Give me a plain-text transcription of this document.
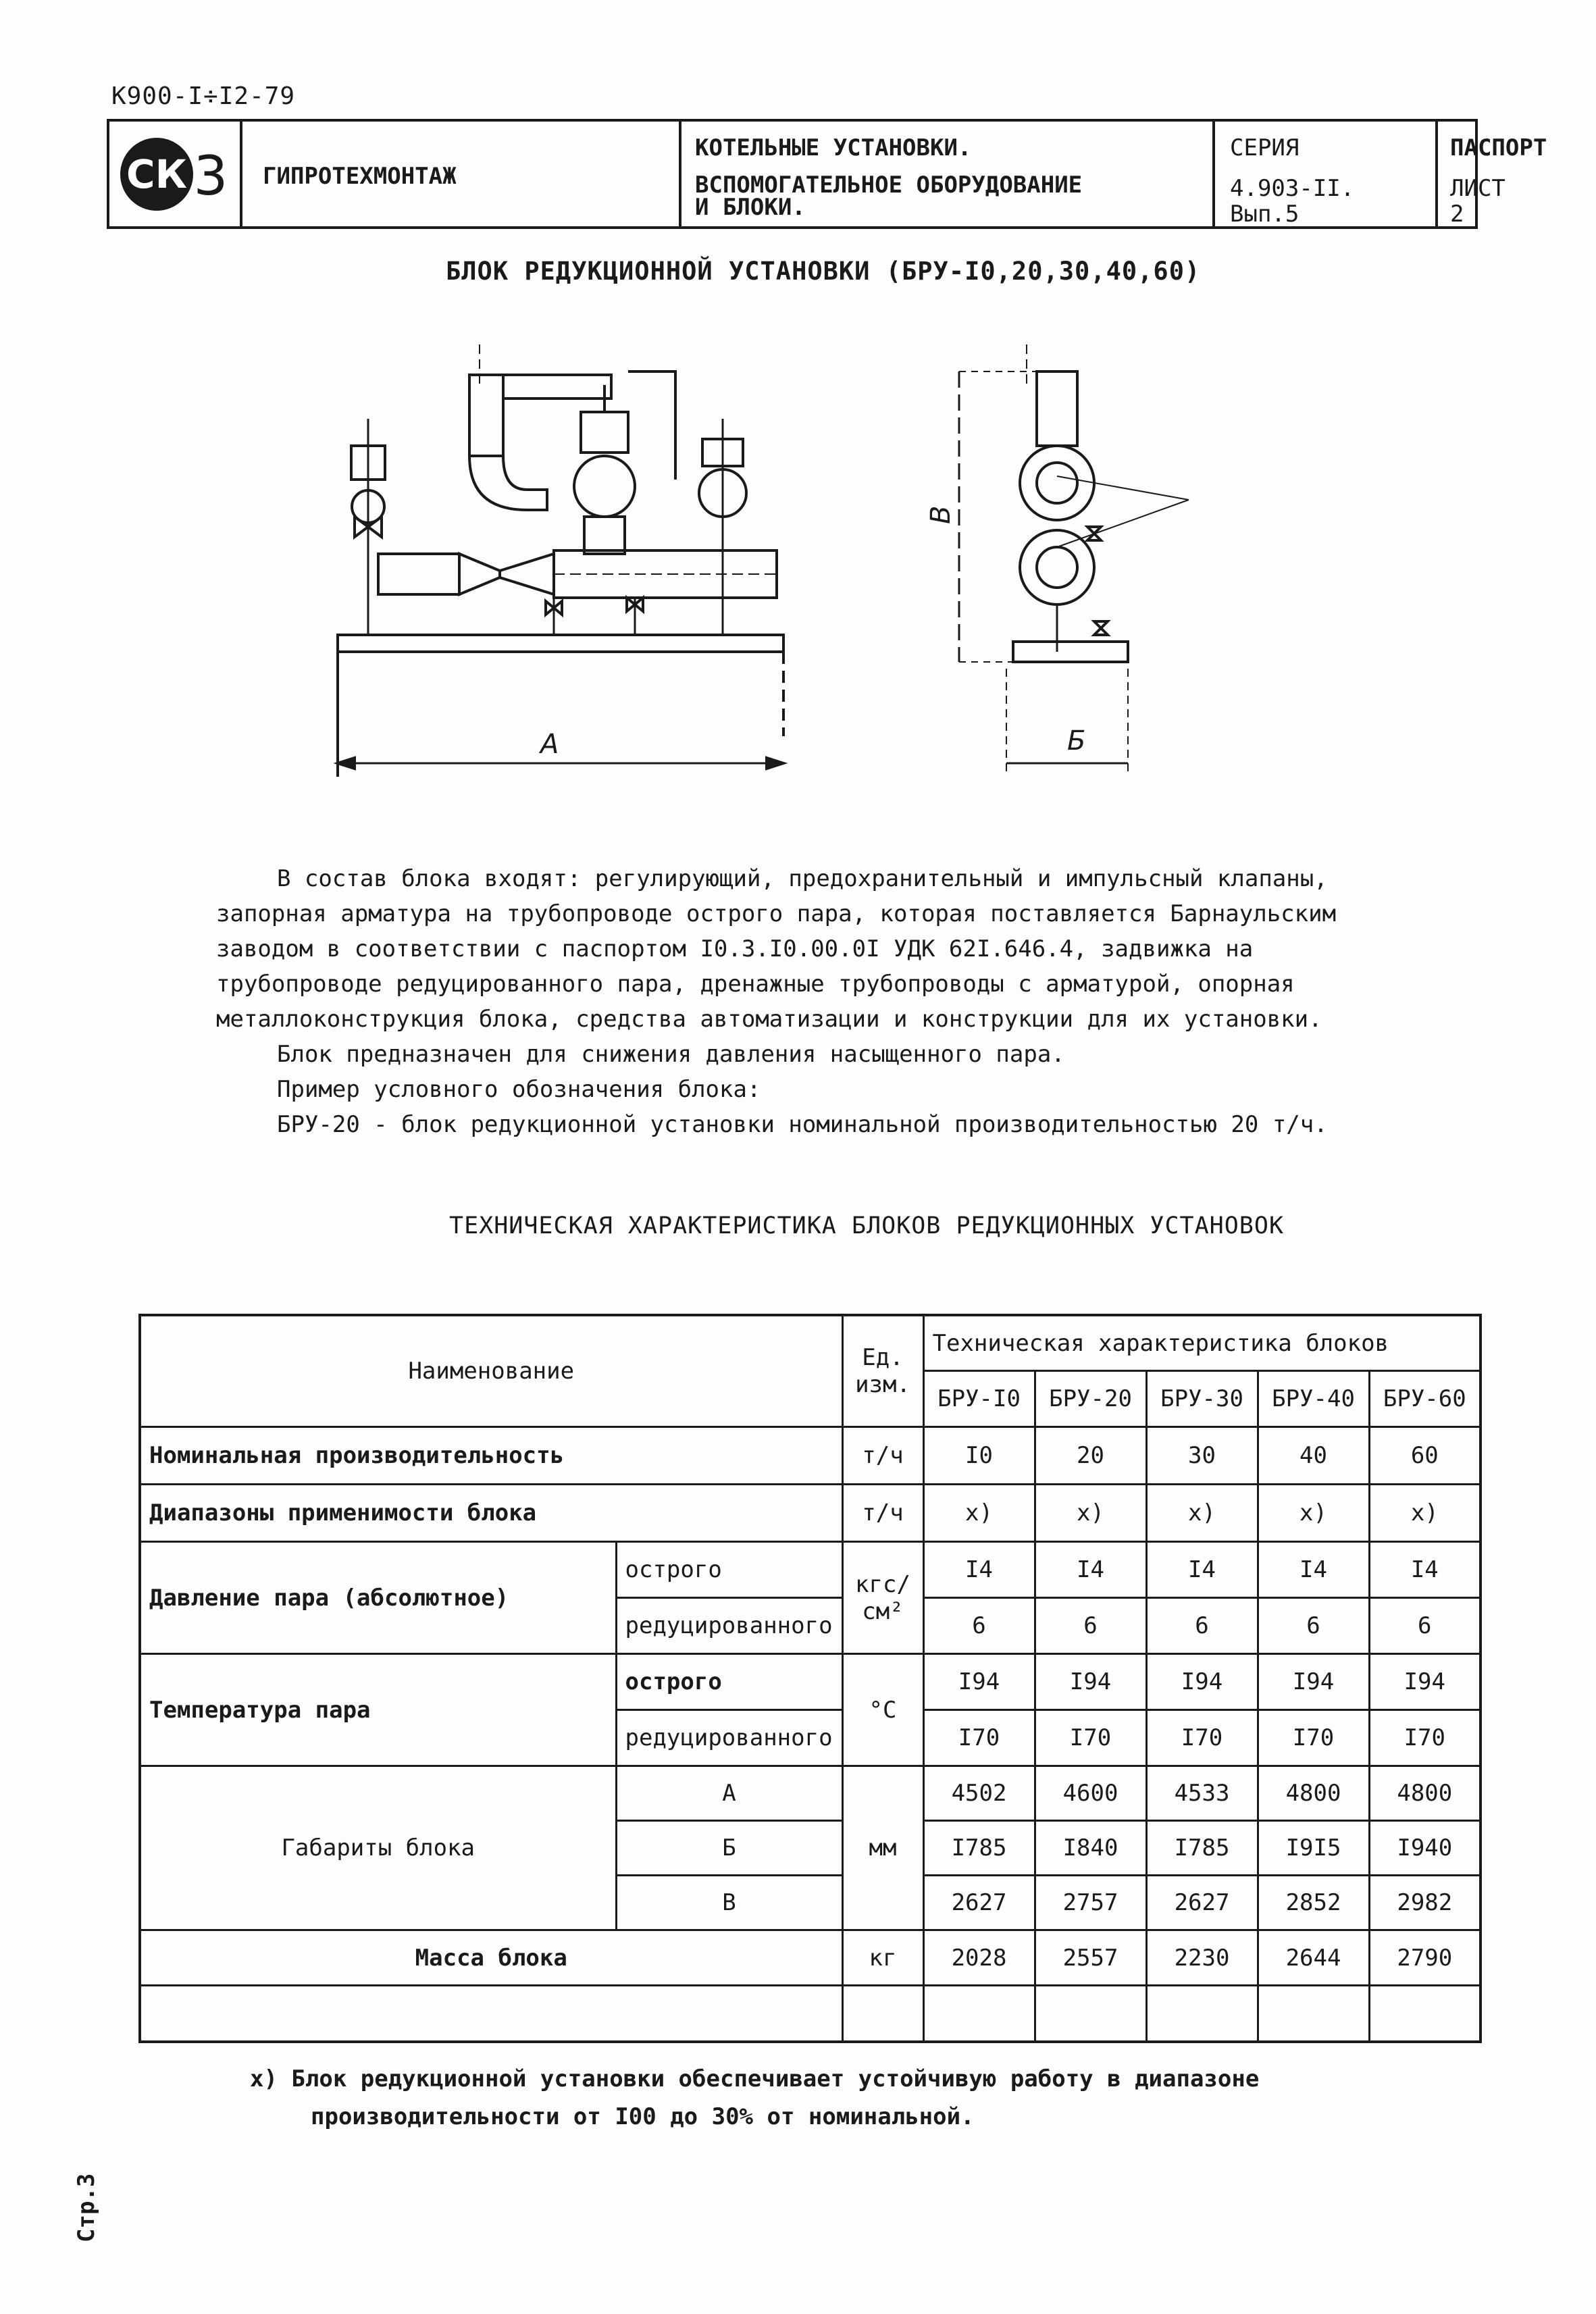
К900-I÷I2-79
СК 3 ГИПРОТЕХМОНТАЖ
КОТЕЛЬНЫЕ УСТАНОВКИ.
ВСПОМОГАТЕЛЬНОЕ ОБОРУДОВАНИЕ
И БЛОКИ.
СЕРИЯ
4.903-II. Вып.5
ПАСПОРТ
ЛИСТ 2
БЛОК РЕДУКЦИОННОЙ УСТАНОВКИ (БРУ-I0,20,30,40,60)
А
В
Б
В состав блока входят: регулирующий, предохранительный и импульсный клапаны,
запорная арматура на трубопроводе острого пара, которая поставляется Барнаульским
заводом в соответствии с паспортом I0.3.I0.00.0I УДК 62I.646.4, задвижка на
трубопроводе редуцированного пара, дренажные трубопроводы с арматурой, опорная
металлоконструкция блока, средства автоматизации и конструкции для их установки.
Блок предназначен для снижения давления насыщенного пара.
Пример условного обозначения блока:
БРУ-20 - блок редукционной установки номинальной производительностью 20 т/ч.
ТЕХНИЧЕСКАЯ ХАРАКТЕРИСТИКА БЛОКОВ РЕДУКЦИОННЫХ УСТАНОВОК
Наименование		Ед.
изм.	Техническая характеристика блоков				
			БРУ-I0	БРУ-20	БРУ-30	БРУ-40	БРУ-60
Номинальная производительность		т/ч	I0	20	30	40	60
Диапазоны применимости блока		т/ч	х)	х)	х)	х)	х)
Давление пара (абсолютное)	острого	кгс/
см²	I4	I4	I4	I4	I4
	редуцированного		6	6	6	6	6
Температура пара	острого	°С	I94	I94	I94	I94	I94
	редуцированного		I70	I70	I70	I70	I70
Габариты блока	А	мм	4502	4600	4533	4800	4800
	Б		I785	I840	I785	I9I5	I940
	В		2627	2757	2627	2852	2982
Масса блока		кг	2028	2557	2230	2644	2790

х) Блок редукционной установки обеспечивает устойчивую работу в диапазоне
производительности от I00 до 30% от номинальной.
Стр.3
